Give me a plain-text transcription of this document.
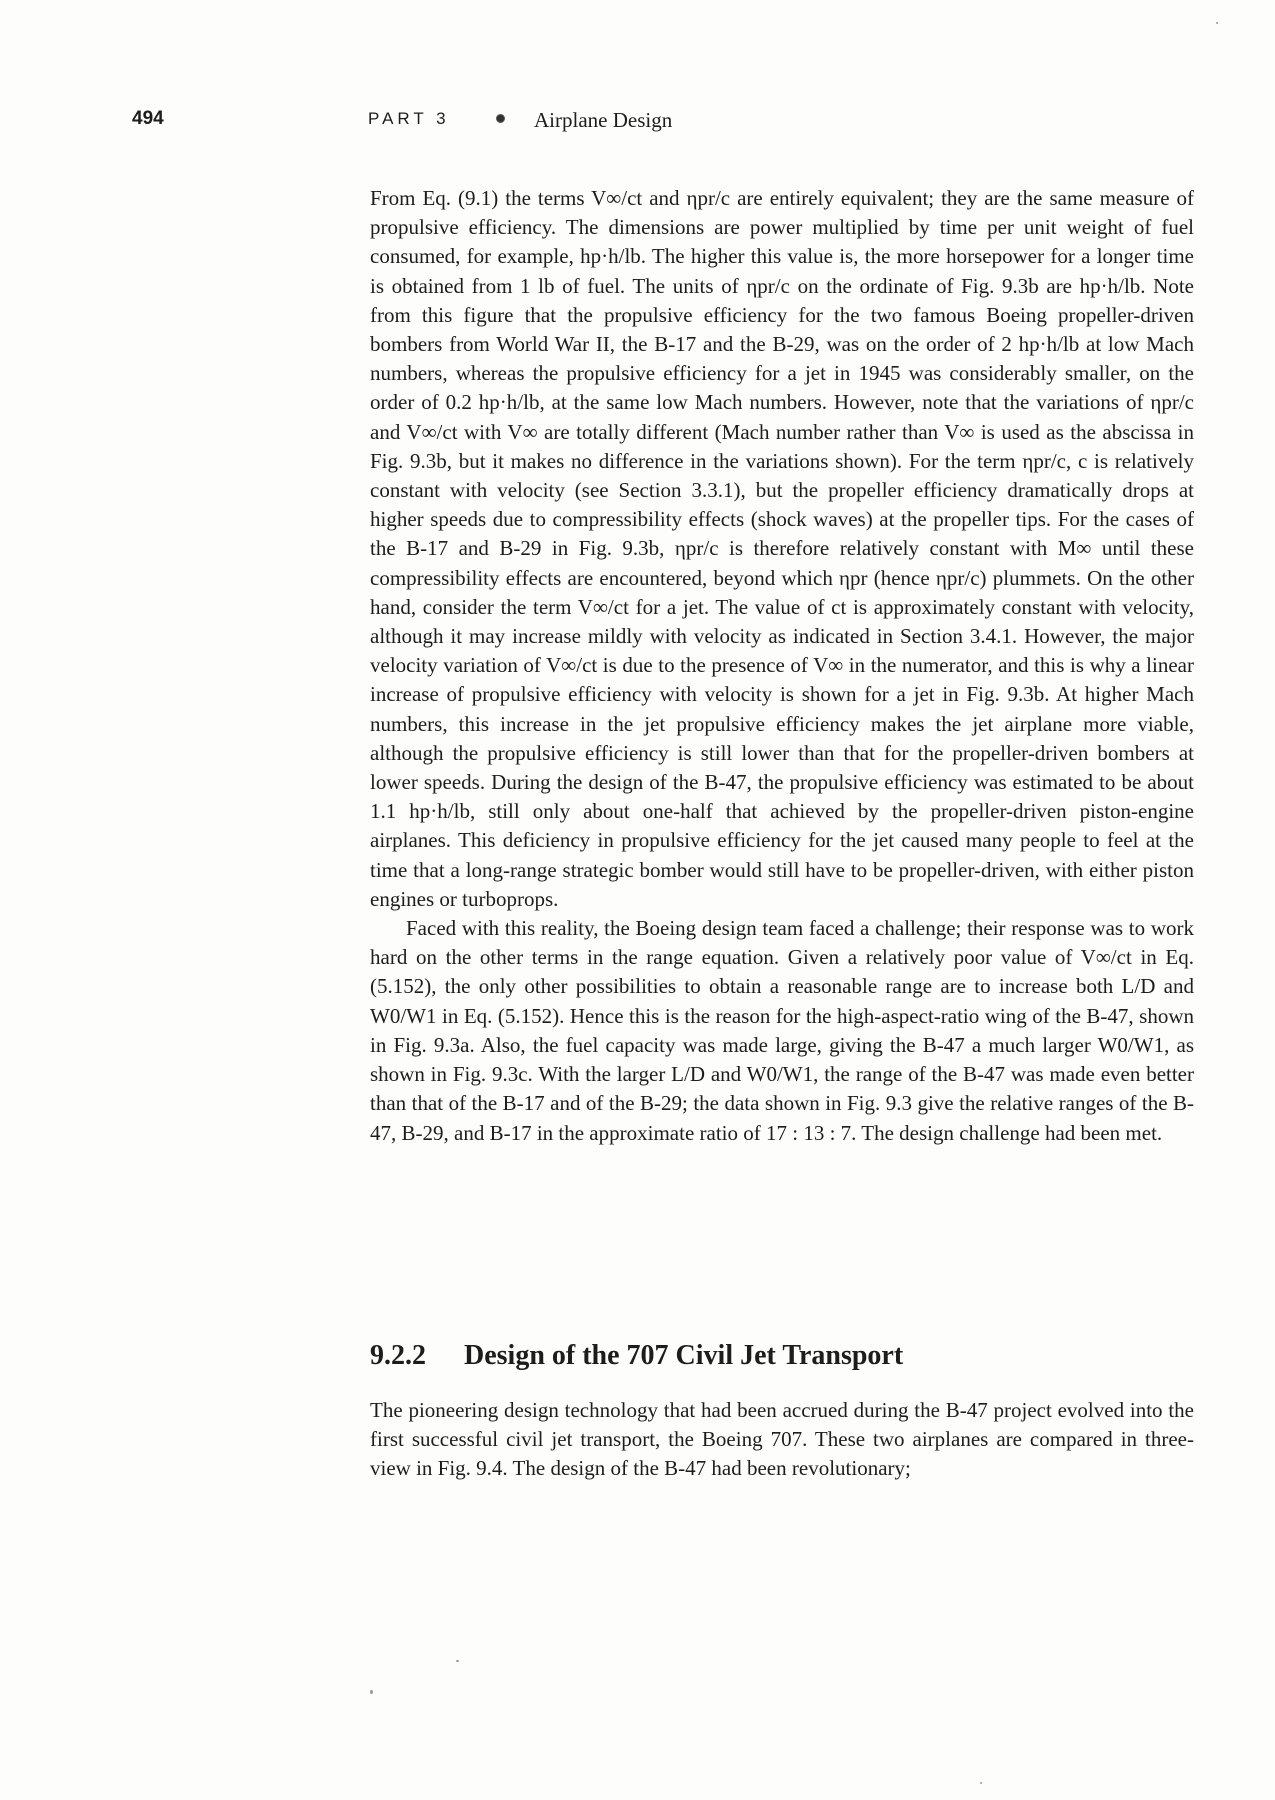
494	PART 3	Airplane Design

From Eq. (9.1) the terms V∞/ct and ηpr/c are entirely equivalent; they are the same measure of propulsive efficiency. The dimensions are power multiplied by time per unit weight of fuel consumed, for example, hp·h/lb. The higher this value is, the more horsepower for a longer time is obtained from 1 lb of fuel. The units of ηpr/c on the ordinate of Fig. 9.3b are hp·h/lb. Note from this figure that the propulsive efficiency for the two famous Boeing propeller-driven bombers from World War II, the B-17 and the B-29, was on the order of 2 hp·h/lb at low Mach numbers, whereas the propulsive efficiency for a jet in 1945 was considerably smaller, on the order of 0.2 hp·h/lb, at the same low Mach numbers. However, note that the variations of ηpr/c and V∞/ct with V∞ are totally different (Mach number rather than V∞ is used as the abscissa in Fig. 9.3b, but it makes no difference in the variations shown). For the term ηpr/c, c is relatively constant with velocity (see Section 3.3.1), but the propeller efficiency dramatically drops at higher speeds due to compressibility effects (shock waves) at the propeller tips. For the cases of the B-17 and B-29 in Fig. 9.3b, ηpr/c is therefore relatively constant with M∞ until these compressibility effects are encountered, beyond which ηpr (hence ηpr/c) plummets. On the other hand, consider the term V∞/ct for a jet. The value of ct is approximately constant with velocity, although it may increase mildly with velocity as indicated in Section 3.4.1. However, the major velocity variation of V∞/ct is due to the presence of V∞ in the numerator, and this is why a linear increase of propulsive efficiency with velocity is shown for a jet in Fig. 9.3b. At higher Mach numbers, this increase in the jet propulsive efficiency makes the jet airplane more viable, although the propulsive efficiency is still lower than that for the propeller-driven bombers at lower speeds. During the design of the B-47, the propulsive efficiency was estimated to be about 1.1 hp·h/lb, still only about one-half that achieved by the propeller-driven piston-engine airplanes. This deficiency in propulsive efficiency for the jet caused many people to feel at the time that a long-range strategic bomber would still have to be propeller-driven, with either piston engines or turboprops.

Faced with this reality, the Boeing design team faced a challenge; their response was to work hard on the other terms in the range equation. Given a relatively poor value of V∞/ct in Eq. (5.152), the only other possibilities to obtain a reasonable range are to increase both L/D and W0/W1 in Eq. (5.152). Hence this is the reason for the high-aspect-ratio wing of the B-47, shown in Fig. 9.3a. Also, the fuel capacity was made large, giving the B-47 a much larger W0/W1, as shown in Fig. 9.3c. With the larger L/D and W0/W1, the range of the B-47 was made even better than that of the B-17 and of the B-29; the data shown in Fig. 9.3 give the relative ranges of the B-47, B-29, and B-17 in the approximate ratio of 17 : 13 : 7. The design challenge had been met.

9.2.2 Design of the 707 Civil Jet Transport

The pioneering design technology that had been accrued during the B-47 project evolved into the first successful civil jet transport, the Boeing 707. These two airplanes are compared in three-view in Fig. 9.4. The design of the B-47 had been revolutionary;
